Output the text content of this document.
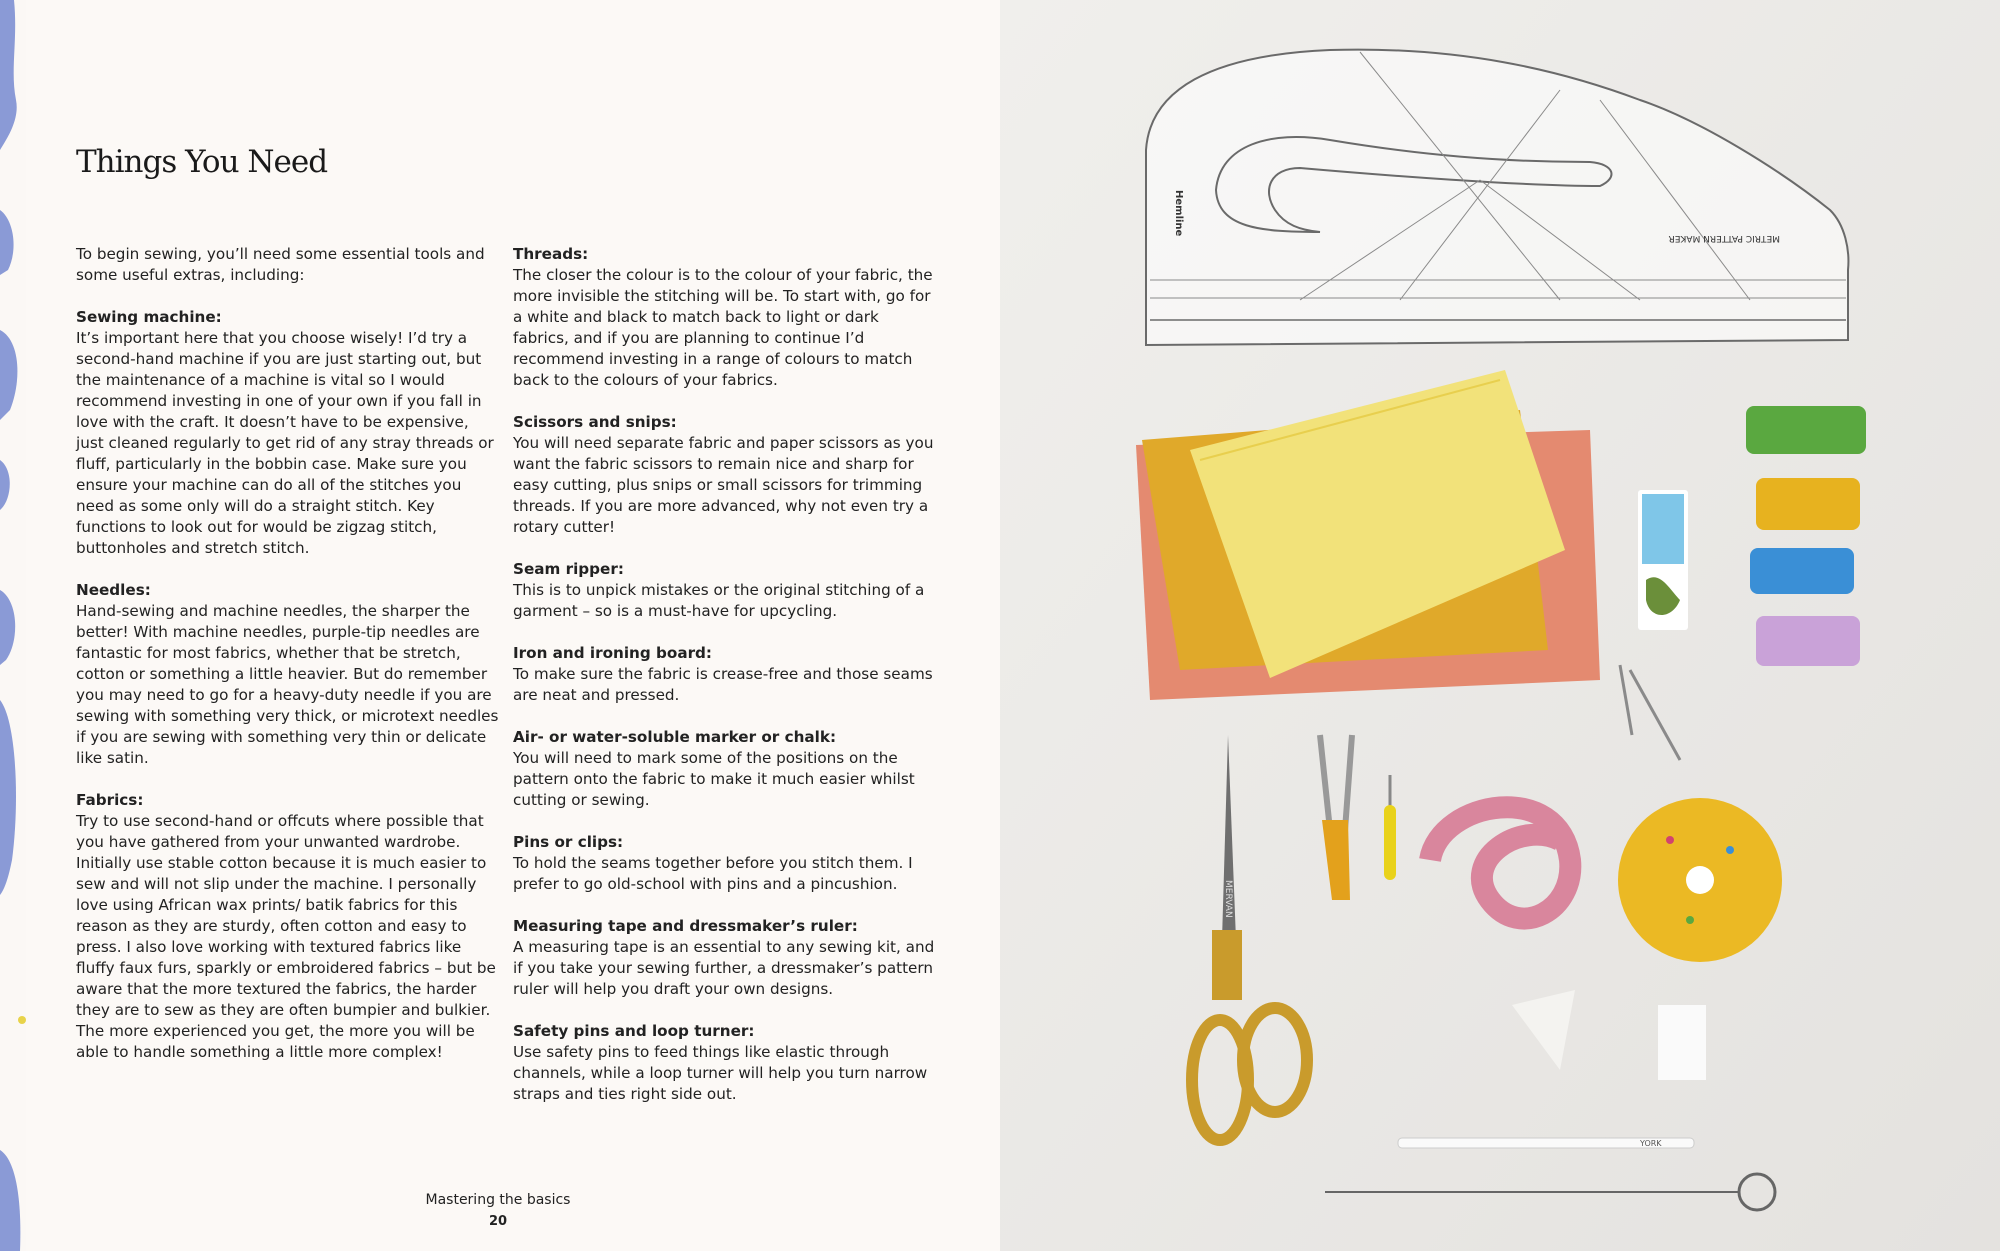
Things You Need

To begin sewing, you’ll need some essential tools and some useful extras, including:

Sewing machine:
It’s important here that you choose wisely! I’d try a second-hand machine if you are just starting out, but the maintenance of a machine is vital so I would recommend investing in one of your own if you fall in love with the craft. It doesn’t have to be expensive, just cleaned regularly to get rid of any stray threads or fluff, particularly in the bobbin case. Make sure you ensure your machine can do all of the stitches you need as some only will do a straight stitch. Key functions to look out for would be zigzag stitch, buttonholes and stretch stitch.

Needles:
Hand-sewing and machine needles, the sharper the better! With machine needles, purple-tip needles are fantastic for most fabrics, whether that be stretch, cotton or something a little heavier. But do remember you may need to go for a heavy-duty needle if you are sewing with something very thick, or microtext needles if you are sewing with something very thin or delicate like satin.

Fabrics:
Try to use second-hand or offcuts where possible that you have gathered from your unwanted wardrobe. Initially use stable cotton because it is much easier to sew and will not slip under the machine. I personally love using African wax prints/ batik fabrics for this reason as they are sturdy, often cotton and easy to press. I also love working with textured fabrics like fluffy faux furs, sparkly or embroidered fabrics – but be aware that the more textured the fabrics, the harder they are to sew as they are often bumpier and bulkier. The more experienced you get, the more you will be able to handle something a little more complex!

Threads:
The closer the colour is to the colour of your fabric, the more invisible the stitching will be. To start with, go for a white and black to match back to light or dark fabrics, and if you are planning to continue I’d recommend investing in a range of colours to match back to the colours of your fabrics.

Scissors and snips:
You will need separate fabric and paper scissors as you want the fabric scissors to remain nice and sharp for easy cutting, plus snips or small scissors for trimming threads. If you are more advanced, why not even try a rotary cutter!

Seam ripper:
This is to unpick mistakes or the original stitching of a garment – so is a must-have for upcycling.

Iron and ironing board:
To make sure the fabric is crease-free and those seams are neat and pressed.

Air- or water-soluble marker or chalk:
You will need to mark some of the positions on the pattern onto the fabric to make it much easier whilst cutting or sewing.

Pins or clips:
To hold the seams together before you stitch them. I prefer to go old-school with pins and a pincushion.

Measuring tape and dressmaker’s ruler:
A measuring tape is an essential to any sewing kit, and if you take your sewing further, a dressmaker’s pattern ruler will help you draft your own designs.

Safety pins and loop turner:
Use safety pins to feed things like elastic through channels, while a loop turner will help you turn narrow straps and ties right side out.

Mastering the basics
20
METRIC PATTERN MAKER
Hemline
MERVAN
YORK
